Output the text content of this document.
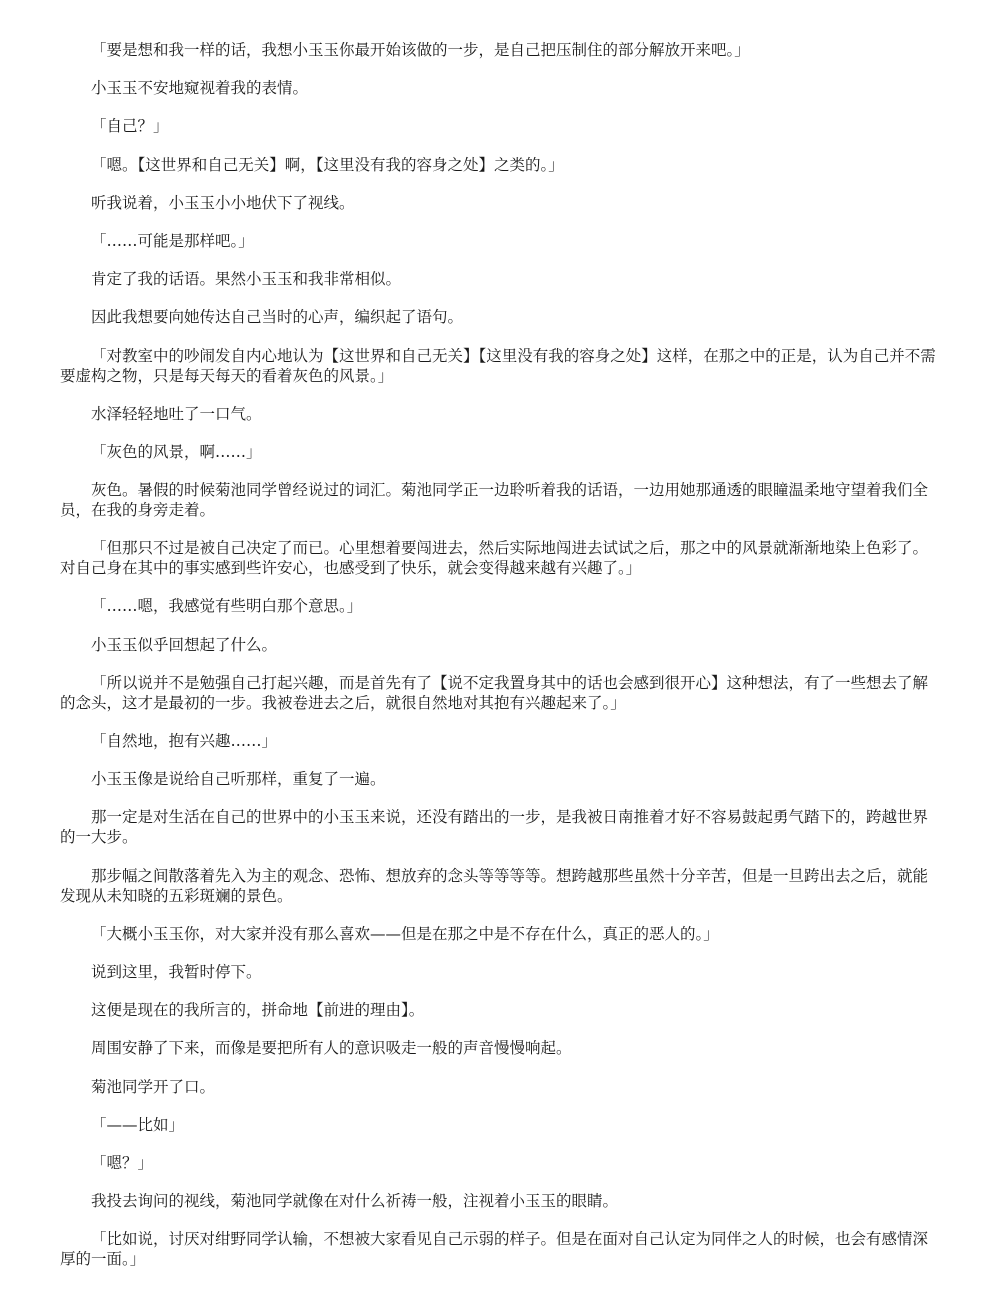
「要是想和我一样的话，我想小玉玉你最开始该做的一步，是自己把压制住的部分解放开来吧。」

小玉玉不安地窥视着我的表情。

「自己？」

「嗯。【这世界和自己无关】啊，【这里没有我的容身之处】之类的。」

听我说着，小玉玉小小地伏下了视线。

「……可能是那样吧。」

肯定了我的话语。果然小玉玉和我非常相似。

因此我想要向她传达自己当时的心声，编织起了语句。

「对教室中的吵闹发自内心地认为【这世界和自己无关】【这里没有我的容身之处】这样，在那之中的正是，认为自己并不需要虚构之物，只是每天每天的看着灰色的风景。」

水泽轻轻地吐了一口气。

「灰色的风景，啊……」

灰色。暑假的时候菊池同学曾经说过的词汇。菊池同学正一边聆听着我的话语，一边用她那通透的眼瞳温柔地守望着我们全员，在我的身旁走着。

「但那只不过是被自己决定了而已。心里想着要闯进去，然后实际地闯进去试试之后，那之中的风景就渐渐地染上色彩了。对自己身在其中的事实感到些许安心，也感受到了快乐，就会变得越来越有兴趣了。」

「……嗯，我感觉有些明白那个意思。」

小玉玉似乎回想起了什么。

「所以说并不是勉强自己打起兴趣，而是首先有了【说不定我置身其中的话也会感到很开心】这种想法，有了一些想去了解的念头，这才是最初的一步。我被卷进去之后，就很自然地对其抱有兴趣起来了。」

「自然地，抱有兴趣……」

小玉玉像是说给自己听那样，重复了一遍。

那一定是对生活在自己的世界中的小玉玉来说，还没有踏出的一步，是我被日南推着才好不容易鼓起勇气踏下的，跨越世界的一大步。

那步幅之间散落着先入为主的观念、恐怖、想放弃的念头等等等等。想跨越那些虽然十分辛苦，但是一旦跨出去之后，就能发现从未知晓的五彩斑斓的景色。

「大概小玉玉你，对大家并没有那么喜欢——但是在那之中是不存在什么，真正的恶人的。」

说到这里，我暂时停下。

这便是现在的我所言的，拼命地【前进的理由】。

周围安静了下来，而像是要把所有人的意识吸走一般的声音慢慢响起。

菊池同学开了口。

「——比如」

「嗯？」

我投去询问的视线，菊池同学就像在对什么祈祷一般，注视着小玉玉的眼睛。

「比如说，讨厌对绀野同学认输，不想被大家看见自己示弱的样子。但是在面对自己认定为同伴之人的时候，也会有感情深厚的一面。」
